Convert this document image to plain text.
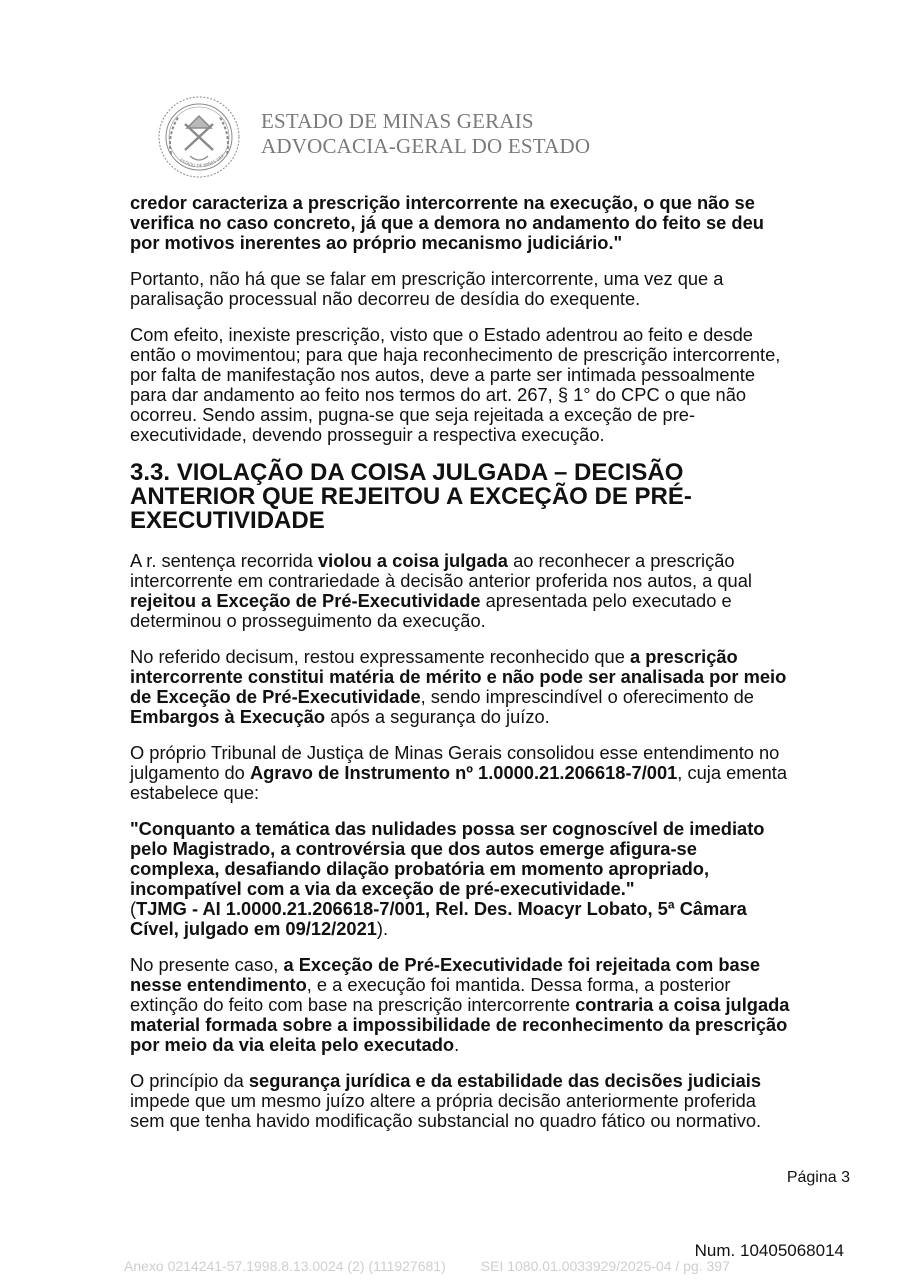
ESTADO DE MINAS GER
ESTADO DE MINAS GERAIS
ADVOCACIA-GERAL DO ESTADO

credor caracteriza a prescrição intercorrente na execução, o que não se verifica no caso concreto, já que a demora no andamento do feito se deu por motivos inerentes ao próprio mecanismo judiciário."

Portanto, não há que se falar em prescrição intercorrente, uma vez que a paralisação processual não decorreu de desídia do exequente.

Com efeito, inexiste prescrição, visto que o Estado adentrou ao feito e desde então o movimentou; para que haja reconhecimento de prescrição intercorrente, por falta de manifestação nos autos, deve a parte ser intimada pessoalmente para dar andamento ao feito nos termos do art. 267, § 1° do CPC o que não ocorreu. Sendo assim, pugna-se que seja rejeitada a exceção de pre-executividade, devendo prosseguir a respectiva execução.

3.3. VIOLAÇÃO DA COISA JULGADA – DECISÃO ANTERIOR QUE REJEITOU A EXCEÇÃO DE PRÉ-EXECUTIVIDADE

A r. sentença recorrida violou a coisa julgada ao reconhecer a prescrição intercorrente em contrariedade à decisão anterior proferida nos autos, a qual rejeitou a Exceção de Pré-Executividade apresentada pelo executado e determinou o prosseguimento da execução.

No referido decisum, restou expressamente reconhecido que a prescrição intercorrente constitui matéria de mérito e não pode ser analisada por meio de Exceção de Pré-Executividade, sendo imprescindível o oferecimento de Embargos à Execução após a segurança do juízo.

O próprio Tribunal de Justiça de Minas Gerais consolidou esse entendimento no julgamento do Agravo de Instrumento nº 1.0000.21.206618-7/001, cuja ementa estabelece que:

"Conquanto a temática das nulidades possa ser cognoscível de imediato pelo Magistrado, a controvérsia que dos autos emerge afigura-se complexa, desafiando dilação probatória em momento apropriado, incompatível com a via da exceção de pré-executividade."
(TJMG - AI 1.0000.21.206618-7/001, Rel. Des. Moacyr Lobato, 5ª Câmara Cível, julgado em 09/12/2021).

No presente caso, a Exceção de Pré-Executividade foi rejeitada com base nesse entendimento, e a execução foi mantida. Dessa forma, a posterior extinção do feito com base na prescrição intercorrente contraria a coisa julgada material formada sobre a impossibilidade de reconhecimento da prescrição por meio da via eleita pelo executado.

O princípio da segurança jurídica e da estabilidade das decisões judiciais impede que um mesmo juízo altere a própria decisão anteriormente proferida sem que tenha havido modificação substancial no quadro fático ou normativo.

Página 3
Num. 10405068014
Anexo 0214241-57.1998.8.13.0024 (2) (111927681)	SEI 1080.01.0033929/2025-04 / pg. 397
